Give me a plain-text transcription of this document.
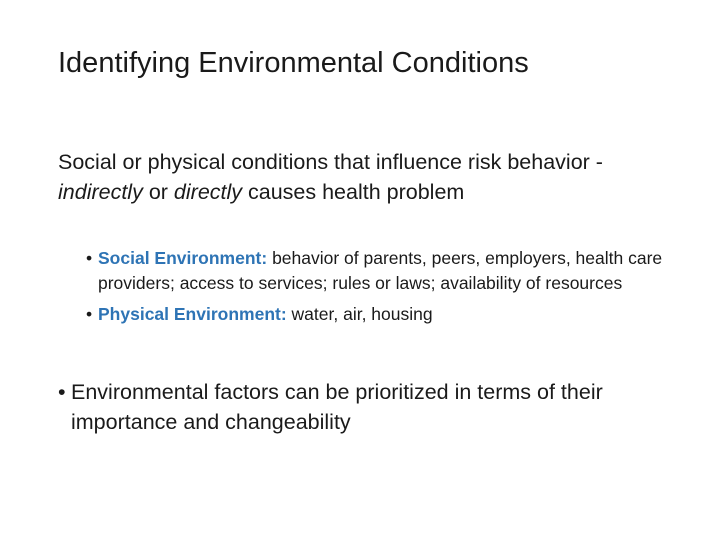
Identifying Environmental Conditions
Social or physical conditions that influence risk behavior - indirectly or directly causes health problem
• Social Environment: behavior of parents, peers, employers, health care providers; access to services; rules or laws; availability of resources
• Physical Environment: water, air, housing
• Environmental factors can be prioritized in terms of their importance and changeability
